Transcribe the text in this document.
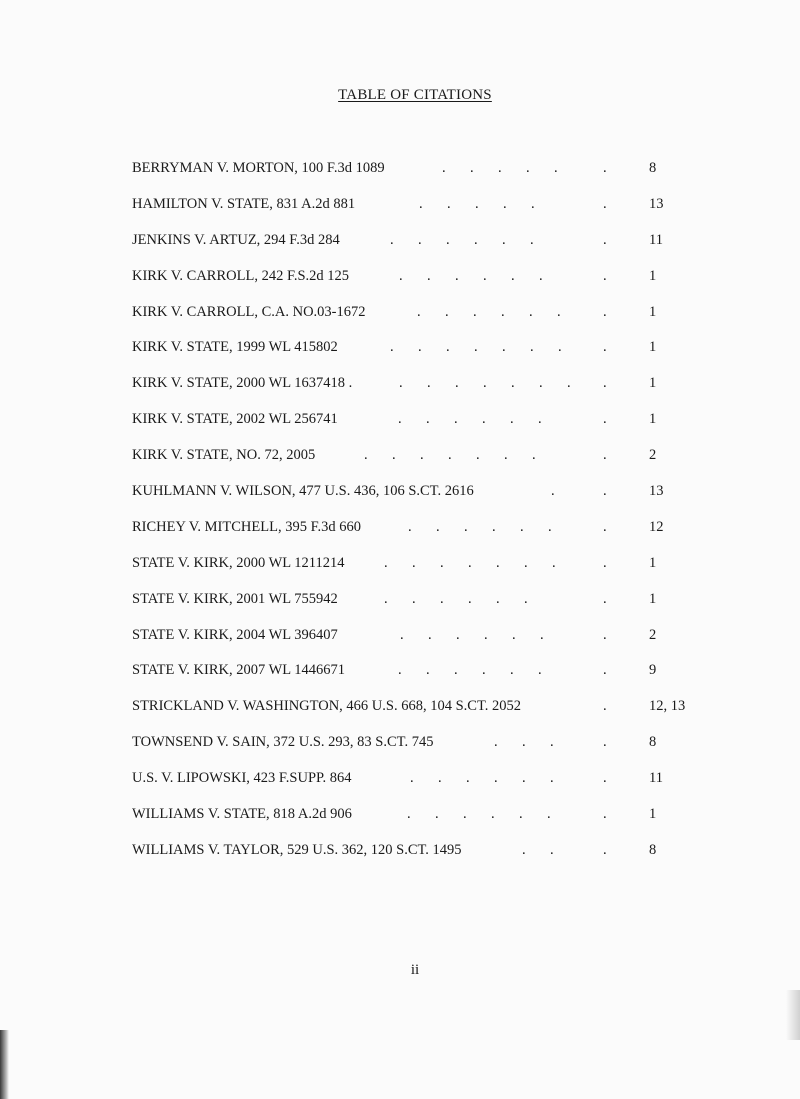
TABLE OF CITATIONS
BERRYMAN V. MORTON, 100 F.3d 1089	. . . . .	.	8
HAMILTON V. STATE, 831 A.2d 881	. . . . .	.	13
JENKINS V. ARTUZ, 294 F.3d 284	. . . . . .	.	11
KIRK V. CARROLL, 242 F.S.2d 125	. . . . . .	.	1
KIRK V. CARROLL, C.A. NO.03-1672	. . . . . .	.	1
KIRK V. STATE, 1999 WL 415802	. . . . . . .	.	1
KIRK V. STATE, 2000 WL 1637418 .	. . . . . . .	.	1
KIRK V. STATE, 2002 WL 256741	. . . . . .	.	1
KIRK V. STATE, NO. 72, 2005	. . . . . . .	.	2
KUHLMANN V. WILSON, 477 U.S. 436, 106 S.CT. 2616	.	.	13
RICHEY V. MITCHELL, 395 F.3d 660	. . . . . .	.	12
STATE V. KIRK, 2000 WL 1211214	. . . . . . .	.	1
STATE V. KIRK, 2001 WL 755942	. . . . . .	.	1
STATE V. KIRK, 2004 WL 396407	. . . . . .	.	2
STATE V. KIRK, 2007 WL 1446671	. . . . . .	.	9
STRICKLAND V. WASHINGTON, 466 U.S. 668, 104 S.CT. 2052	.	12, 13
TOWNSEND V. SAIN, 372 U.S. 293, 83 S.CT. 745	. . .	.	8
U.S. V. LIPOWSKI, 423 F.SUPP. 864	. . . . . .	.	11
WILLIAMS V. STATE, 818 A.2d 906	. . . . . .	.	1
WILLIAMS V. TAYLOR, 529 U.S. 362, 120 S.CT. 1495	. .	.	8
ii
